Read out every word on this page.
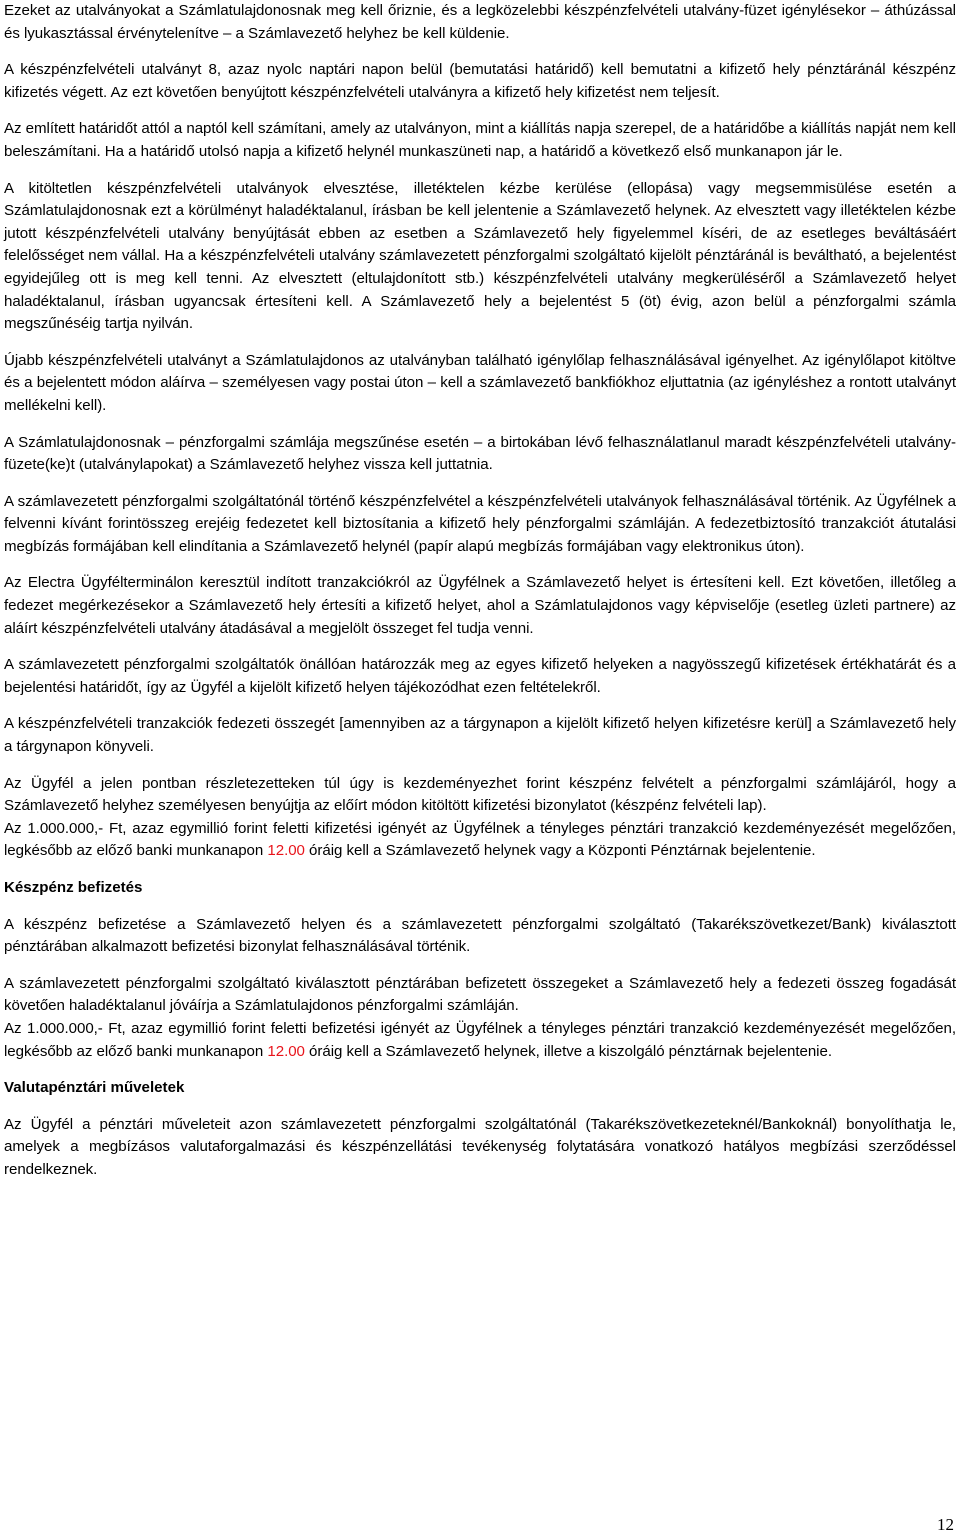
Ezeket az utalványokat a Számlatulajdonosnak meg kell őriznie, és a legközelebbi készpénzfelvételi utalvány-füzet igénylésekor – áthúzással és lyukasztással érvénytelenítve – a Számlavezető helyhez be kell küldenie.

A készpénzfelvételi utalványt 8, azaz nyolc naptári napon belül (bemutatási határidő) kell bemutatni a kifizető hely pénztáránál készpénz kifizetés végett. Az ezt követően benyújtott készpénzfelvételi utalványra a kifizető hely kifizetést nem teljesít.

Az említett határidőt attól a naptól kell számítani, amely az utalványon, mint a kiállítás napja szerepel, de a határidőbe a kiállítás napját nem kell beleszámítani. Ha a határidő utolsó napja a kifizető helynél munkaszüneti nap, a határidő a következő első munkanapon jár le.

A kitöltetlen készpénzfelvételi utalványok elvesztése, illetéktelen kézbe kerülése (ellopása) vagy megsemmisülése esetén a Számlatulajdonosnak ezt a körülményt haladéktalanul, írásban be kell jelentenie a Számlavezető helynek. Az elvesztett vagy illetéktelen kézbe jutott készpénzfelvételi utalvány benyújtását ebben az esetben a Számlavezető hely figyelemmel kíséri, de az esetleges beváltásáért felelősséget nem vállal. Ha a készpénzfelvételi utalvány számlavezetett pénzforgalmi szolgáltató kijelölt pénztáránál is beváltható, a bejelentést egyidejűleg ott is meg kell tenni. Az elvesztett (eltulajdonított stb.) készpénzfelvételi utalvány megkerüléséről a Számlavezető helyet haladéktalanul, írásban ugyancsak értesíteni kell. A Számlavezető hely a bejelentést 5 (öt) évig, azon belül a pénzforgalmi számla megszűnéséig tartja nyilván.

Újabb készpénzfelvételi utalványt a Számlatulajdonos az utalványban található igénylőlap felhasználásával igényelhet. Az igénylőlapot kitöltve és a bejelentett módon aláírva – személyesen vagy postai úton – kell a számlavezető bankfiókhoz eljuttatnia (az igényléshez a rontott utalványt mellékelni kell).

A Számlatulajdonosnak – pénzforgalmi számlája megszűnése esetén – a birtokában lévő felhasználatlanul maradt készpénzfelvételi utalvány-füzete(ke)t (utalványlapokat) a Számlavezető helyhez vissza kell juttatnia.

A számlavezetett pénzforgalmi szolgáltatónál történő készpénzfelvétel a készpénzfelvételi utalványok felhasználásával történik. Az Ügyfélnek a felvenni kívánt forintösszeg erejéig fedezetet kell biztosítania a kifizető hely pénzforgalmi számláján. A fedezetbiztosító tranzakciót átutalási megbízás formájában kell elindítania a Számlavezető helynél (papír alapú megbízás formájában vagy elektronikus úton).

Az Electra Ügyfélterminálon keresztül indított tranzakciókról az Ügyfélnek a Számlavezető helyet is értesíteni kell. Ezt követően, illetőleg a fedezet megérkezésekor a Számlavezető hely értesíti a kifizető helyet, ahol a Számlatulajdonos vagy képviselője (esetleg üzleti partnere) az aláírt készpénzfelvételi utalvány átadásával a megjelölt összeget fel tudja venni.

A számlavezetett pénzforgalmi szolgáltatók önállóan határozzák meg az egyes kifizető helyeken a nagyösszegű kifizetések értékhatárát és a bejelentési határidőt, így az Ügyfél a kijelölt kifizető helyen tájékozódhat ezen feltételekről.

A készpénzfelvételi tranzakciók fedezeti összegét [amennyiben az a tárgynapon a kijelölt kifizető helyen kifizetésre kerül] a Számlavezető hely a tárgynapon könyveli.

Az Ügyfél a jelen pontban részletezetteken túl úgy is kezdeményezhet forint készpénz felvételt a pénzforgalmi számlájáról, hogy a Számlavezető helyhez személyesen benyújtja az előírt módon kitöltött kifizetési bizonylatot (készpénz felvételi lap).

Az 1.000.000,- Ft, azaz egymillió forint feletti kifizetési igényét az Ügyfélnek a tényleges pénztári tranzakció kezdeményezését megelőzően, legkésőbb az előző banki munkanapon 12.00 óráig kell a Számlavezető helynek vagy a Központi Pénztárnak bejelentenie.

Készpénz befizetés

A készpénz befizetése a Számlavezető helyen és a számlavezetett pénzforgalmi szolgáltató (Takarékszövetkezet/Bank) kiválasztott pénztárában alkalmazott befizetési bizonylat felhasználásával történik.

A számlavezetett pénzforgalmi szolgáltató kiválasztott pénztárában befizetett összegeket a Számlavezető hely a fedezeti összeg fogadását követően haladéktalanul jóváírja a Számlatulajdonos pénzforgalmi számláján.

Az 1.000.000,- Ft, azaz egymillió forint feletti befizetési igényét az Ügyfélnek a tényleges pénztári tranzakció kezdeményezését megelőzően, legkésőbb az előző banki munkanapon 12.00 óráig kell a Számlavezető helynek, illetve a kiszolgáló pénztárnak bejelentenie.

Valutapénztári műveletek

Az Ügyfél a pénztári műveleteit azon számlavezetett pénzforgalmi szolgáltatónál (Takarékszövetkezeteknél/Bankoknál) bonyolíthatja le, amelyek a megbízásos valutaforgalmazási és készpénzellátási tevékenység folytatására vonatkozó hatályos megbízási szerződéssel rendelkeznek.

12
